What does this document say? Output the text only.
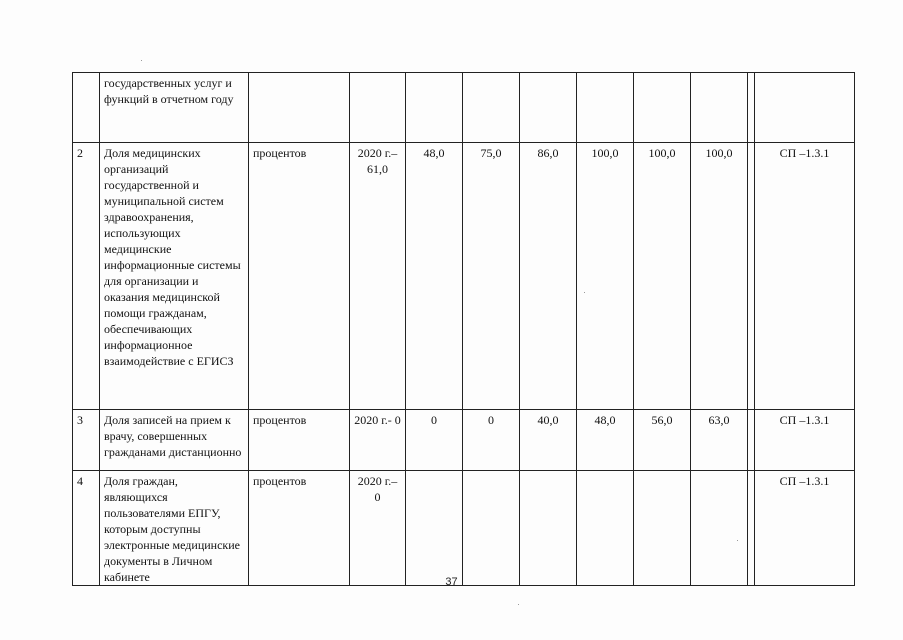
	государственных услуг и функций в отчетном году										
2	Доля медицинских организаций государственной и муниципальной систем здравоохранения, использующих медицинские информационные системы для организации и оказания медицинской помощи гражданам, обеспечивающих информационное взаимодействие с ЕГИСЗ	процентов	2020 г.– 61,0	48,0	75,0	86,0	100,0	100,0	100,0		СП –1.3.1
3	Доля записей на прием к врачу, совершенных гражданами дистанционно	процентов	2020 г.- 0	0	0	40,0	48,0	56,0	63,0		СП –1.3.1
4	Доля граждан, являющихся пользователями ЕПГУ, которым доступны электронные медицинские документы в Личном кабинете	процентов	2020 г.– 0								СП –1.3.1
37
